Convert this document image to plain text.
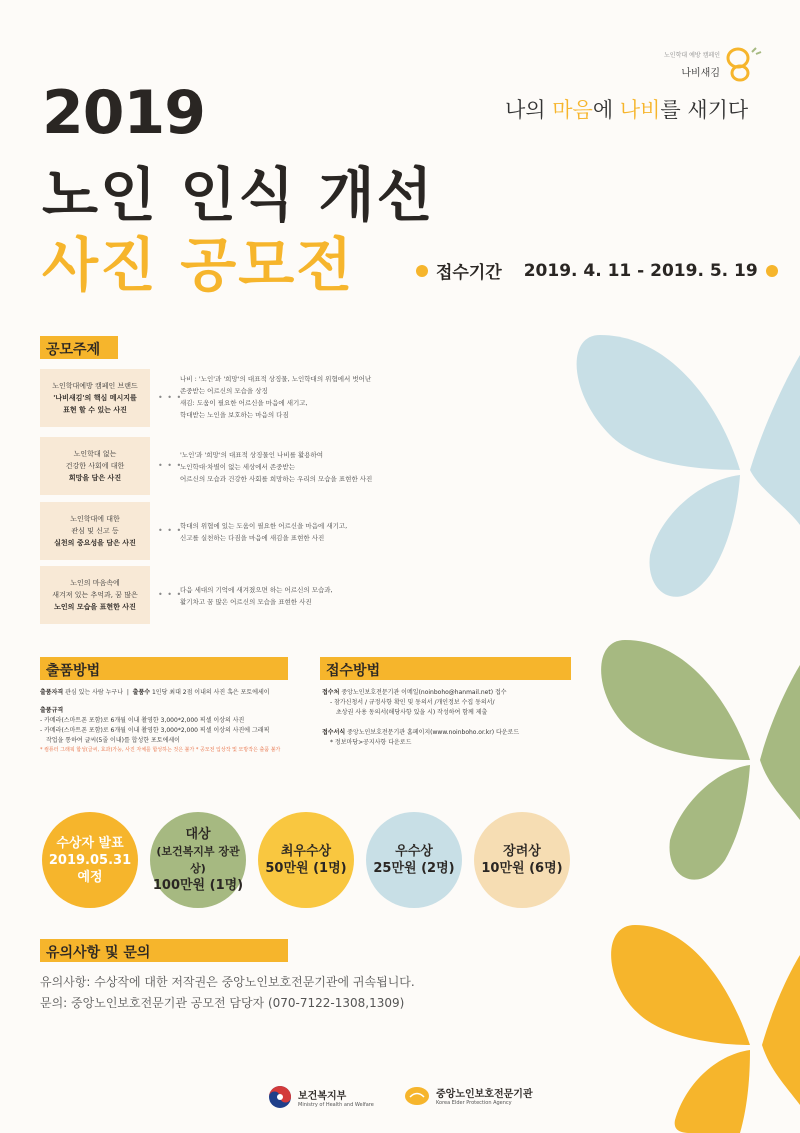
노인학대 예방 캠페인
나비새김
2019
노인 인식 개선
사진 공모전
나의 마음에 나비를 새기다
접수기간 2019. 4. 11 - 2019. 5. 19
공모주제
노인학대예방 캠페인 브랜드
'나비새김'의 핵심 메시지를
표현 할 수 있는 사진

• • •
나비 : '노인'과 '희망'의 대표적 상징물, 노인학대의 위협에서 벗어난
존중받는 어르신의 모습을 상징
새김: 도움이 필요한 어르신을 마음에 새기고,
학대받는 노인을 보호하는 마음의 다짐
노인학대 없는
건강한 사회에 대한
희망을 담은 사진

• • •
'노인'과 '희망'의 대표적 상징물인 나비를 활용하여
노인학대·차별이 없는 세상에서 존중받는
어르신의 모습과 건강한 사회를 희망하는 우리의 모습을 표현한 사진
노인학대에 대한
관심 및 신고 등
실천의 중요성을 담은 사진

• • •
학대의 위협에 있는 도움이 필요한 어르신을 마음에 새기고,
신고를 실천하는 다짐을 마음에 새김을 표현한 사진
노인의 마음속에
새겨져 있는 추억과, 꿈 많은
노인의 모습을 표현한 사진

• • •
다음 세대의 기억에 새겨졌으면 하는 어르신의 모습과,
활기차고 꿈 많은 어르신의 모습을 표현한 사진
출품방법
출품자격 관심 있는 사람 누구나  |  출품수 1인당 최대 2점 이내의 사진 혹은 포토에세이
출품규격
- 카메라(스마트폰 포함)로 6개월 이내 촬영한 3,000*2,000 픽셀 이상의 사진
- 카메라(스마트폰 포함)로 6개월 이내 촬영한 3,000*2,000 픽셀 이상의 사진에 그래픽
작업을 통하여 글씨(5줄 이내)를 합성한 포토에세이
* 컴퓨터 그래픽 합성(글씨, 효과)가능, 사진 자체를 합성하는 것은 불가 * 공모전 입상작 및 모방작은 출품 불가
접수방법
접수처 중앙노인보호전문기관 이메일(noinboho@hanmail.net) 접수
- 참가신청서 / 규정사항 확인 및 동의서 /개인정보 수집 동의서/
초상권 사용 동의서(해당사항 있을 시) 작성하여 함께 제출
접수서식 중앙노인보호전문기관 홈페이지(www.noinboho.or.kr) 다운로드
* 정보마당>공지사항 다운로드
수상자 발표
2019.05.31
예정
대상
(보건복지부 장관상)
100만원 (1명)
최우수상
50만원 (1명)
우수상
25만원 (2명)
장려상
10만원 (6명)
유의사항 및 문의
유의사항: 수상작에 대한 저작권은 중앙노인보호전문기관에 귀속됩니다.
문의: 중앙노인보호전문기관 공모전 담당자 (070-7122-1308,1309)
보건복지부
Ministry of Health and Welfare
중앙노인보호전문기관
Korea Elder Protection Agency
